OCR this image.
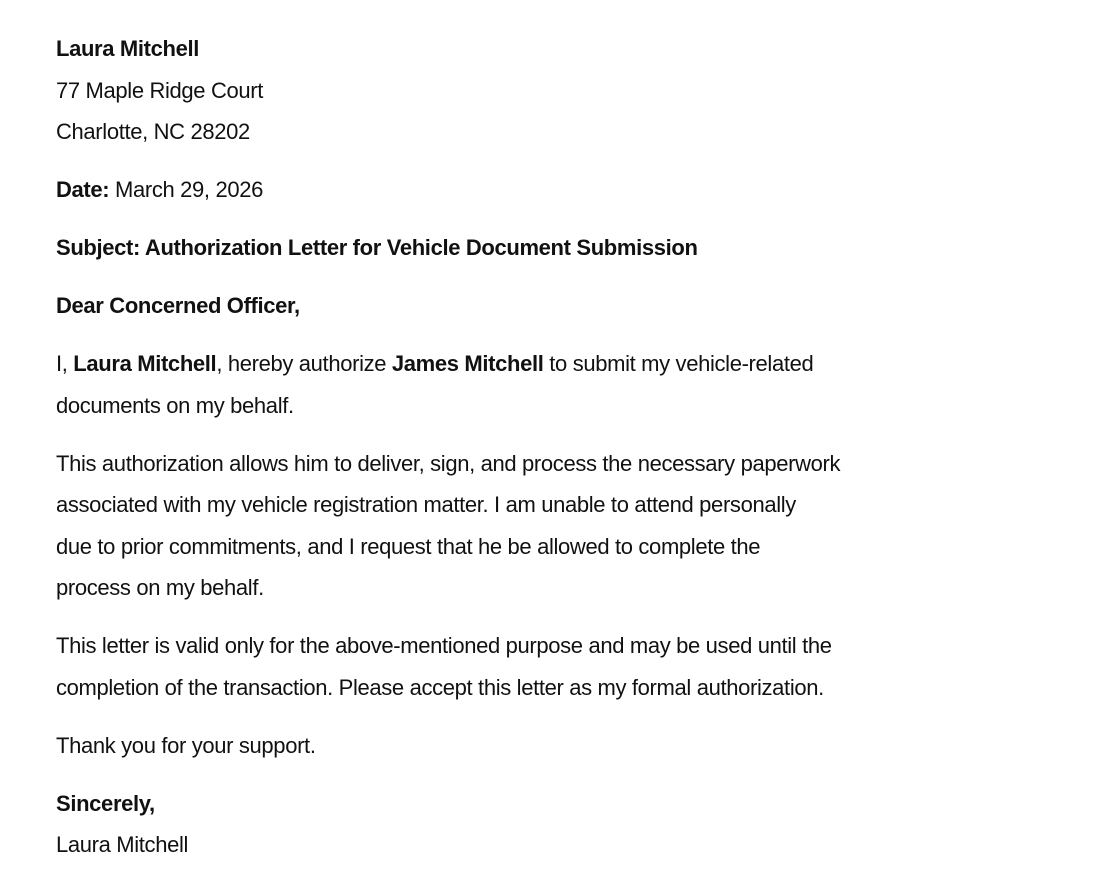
Laura Mitchell
77 Maple Ridge Court
Charlotte, NC 28202
Date: March 29, 2026
Subject: Authorization Letter for Vehicle Document Submission
Dear Concerned Officer,
I, Laura Mitchell, hereby authorize James Mitchell to submit my vehicle-related
documents on my behalf.
This authorization allows him to deliver, sign, and process the necessary paperwork
associated with my vehicle registration matter. I am unable to attend personally
due to prior commitments, and I request that he be allowed to complete the
process on my behalf.
This letter is valid only for the above-mentioned purpose and may be used until the
completion of the transaction. Please accept this letter as my formal authorization.
Thank you for your support.
Sincerely,
Laura Mitchell
